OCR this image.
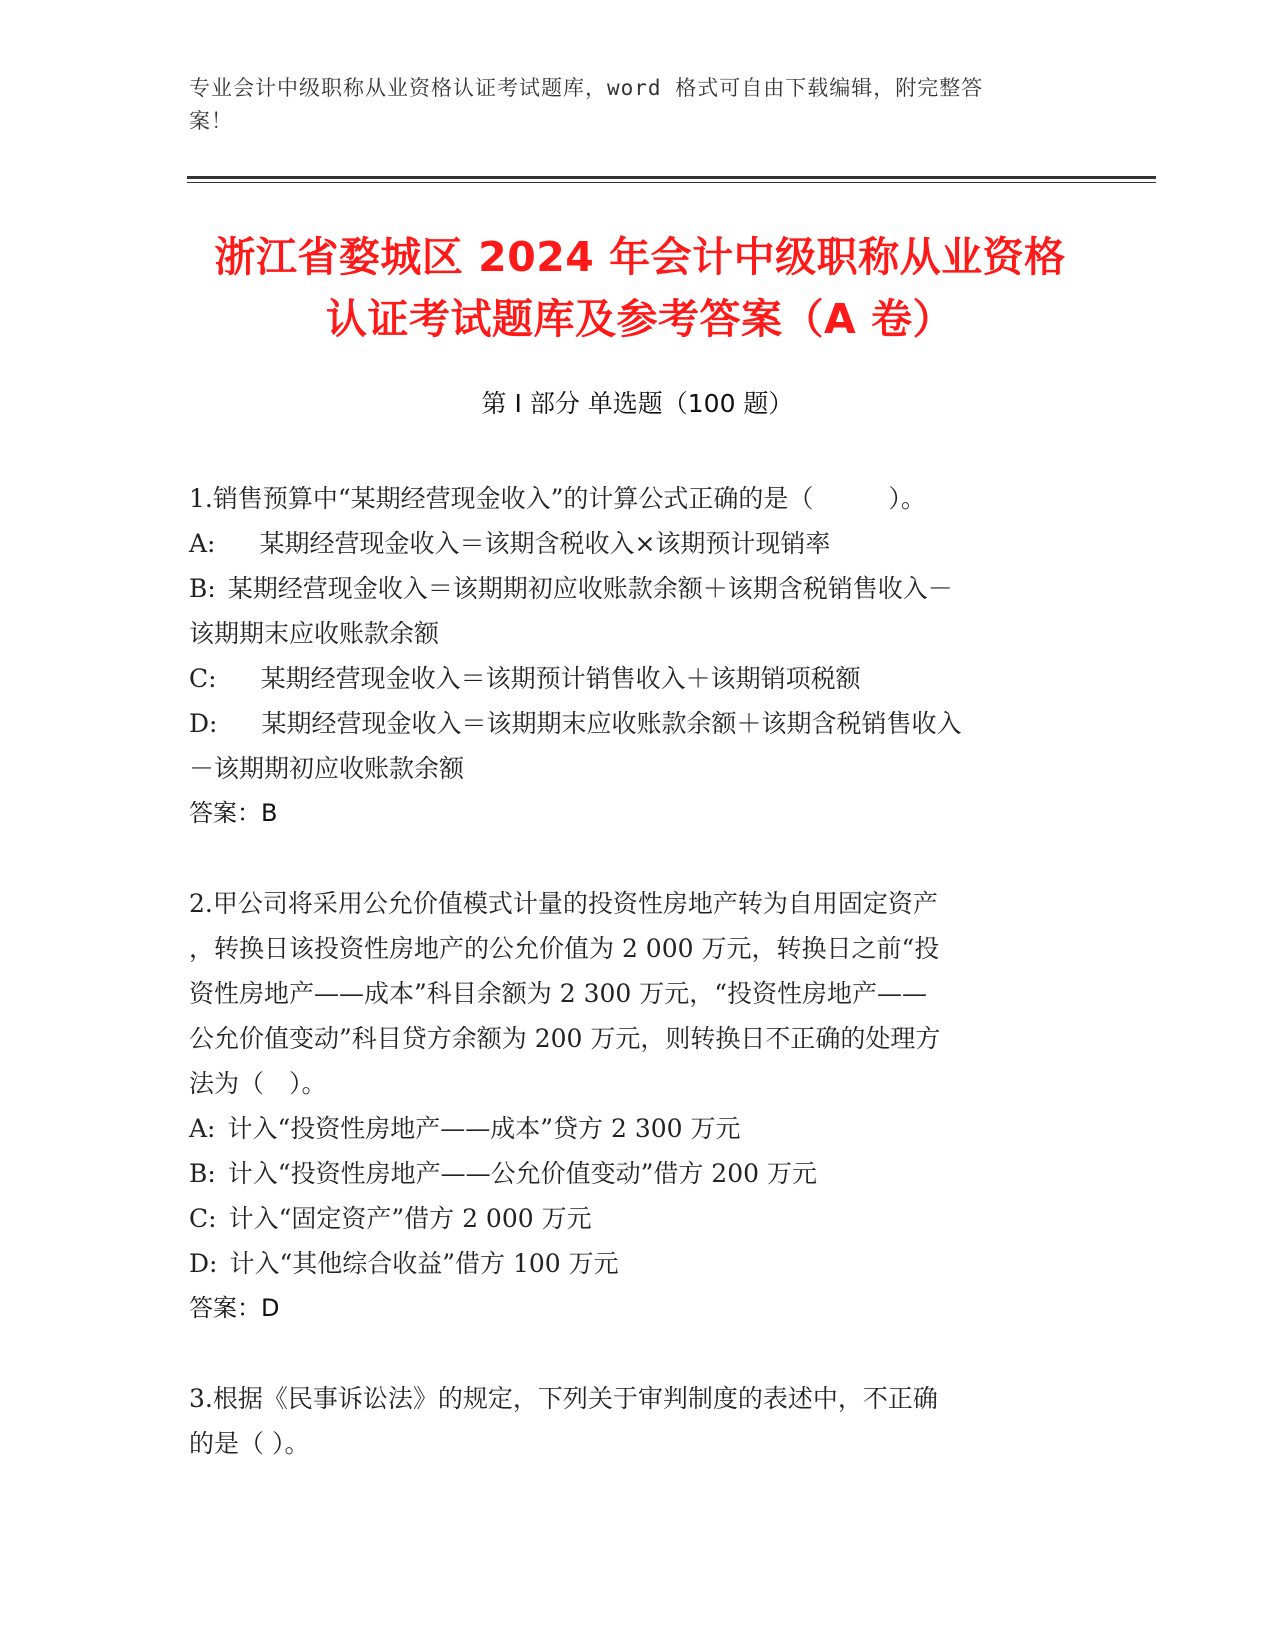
专业会计中级职称从业资格认证考试题库，word 格式可自由下载编辑，附完整答
案！
浙江省婺城区 2024 年会计中级职称从业资格
认证考试题库及参考答案（A 卷）
第 I 部分 单选题（100 题）
1.销售预算中“某期经营现金收入”的计算公式正确的是（　　　）。
A: 某期经营现金收入＝该期含税收入×该期预计现销率
B: 某期经营现金收入＝该期期初应收账款余额＋该期含税销售收入－
该期期末应收账款余额
C: 某期经营现金收入＝该期预计销售收入＋该期销项税额
D: 某期经营现金收入＝该期期末应收账款余额＋该期含税销售收入
－该期期初应收账款余额
答案：B
2.甲公司将采用公允价值模式计量的投资性房地产转为自用固定资产
，转换日该投资性房地产的公允价值为 2 000 万元，转换日之前“投
资性房地产——成本”科目余额为 2 300 万元，“投资性房地产——
公允价值变动”科目贷方余额为 200 万元，则转换日不正确的处理方
法为（　）。
A: 计入“投资性房地产——成本”贷方 2 300 万元
B: 计入“投资性房地产——公允价值变动”借方 200 万元
C: 计入“固定资产”借方 2 000 万元
D: 计入“其他综合收益”借方 100 万元
答案：D
3.根据《民事诉讼法》的规定，下列关于审判制度的表述中，不正确
的是（ ）。
